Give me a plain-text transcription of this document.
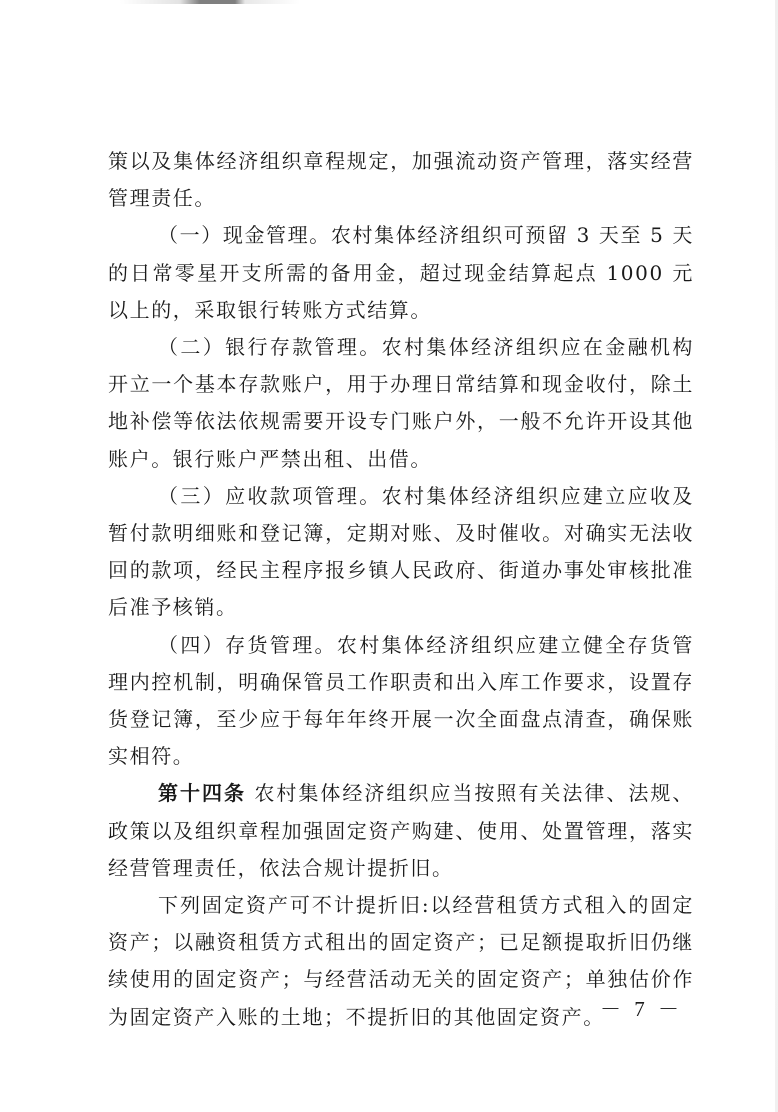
策以及集体经济组织章程规定，加强流动资产管理，落实经营管理责任。

（一）现金管理。农村集体经济组织可预留 3 天至 5 天的日常零星开支所需的备用金，超过现金结算起点 1000 元以上的，采取银行转账方式结算。

（二）银行存款管理。农村集体经济组织应在金融机构开立一个基本存款账户，用于办理日常结算和现金收付，除土地补偿等依法依规需要开设专门账户外，一般不允许开设其他账户。银行账户严禁出租、出借。

（三）应收款项管理。农村集体经济组织应建立应收及暂付款明细账和登记簿，定期对账、及时催收。对确实无法收回的款项，经民主程序报乡镇人民政府、街道办事处审核批准后准予核销。

（四）存货管理。农村集体经济组织应建立健全存货管理内控机制，明确保管员工作职责和出入库工作要求，设置存货登记簿，至少应于每年年终开展一次全面盘点清查，确保账实相符。

第十四条 农村集体经济组织应当按照有关法律、法规、政策以及组织章程加强固定资产购建、使用、处置管理，落实经营管理责任，依法合规计提折旧。

下列固定资产可不计提折旧:以经营租赁方式租入的固定资产；以融资租赁方式租出的固定资产；已足额提取折旧仍继续使用的固定资产；与经营活动无关的固定资产；单独估价作为固定资产入账的土地；不提折旧的其他固定资产。

－ 7 －
